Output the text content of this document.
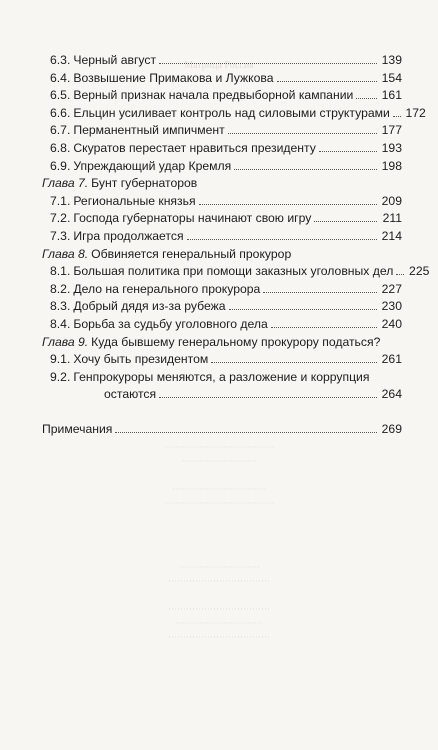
Матрица Россия
·····································
·························

·······························
·····································
···························
··································

··································
·····························
··································
6.3. Черный август	139
6.4. Возвышение Примакова и Лужкова	154
6.5. Верный признак начала предвыборной кампании 161
6.6. Ельцин усиливает контроль над силовыми структурами 172
6.7. Перманентный импичмент	177
6.8. Скуратов перестает нравиться президенту	193
6.9. Упреждающий удар Кремля	198
Глава 7. Бунт губернаторов
7.1. Региональные князья	209
7.2. Господа губернаторы начинают свою игру	211
7.3. Игра продолжается	214
Глава 8. Обвиняется генеральный прокурор
8.1. Большая политика при помощи заказных уголовных дел 225
8.2. Дело на генерального прокурора	227
8.3. Добрый дядя из-за рубежа	230
8.4. Борьба за судьбу уголовного дела	240
Глава 9. Куда бывшему генеральному прокурору податься?
9.1. Хочу быть президентом	261
9.2. Генпрокуроры меняются, а разложение и коррупция
остаются	264
Примечания	269
